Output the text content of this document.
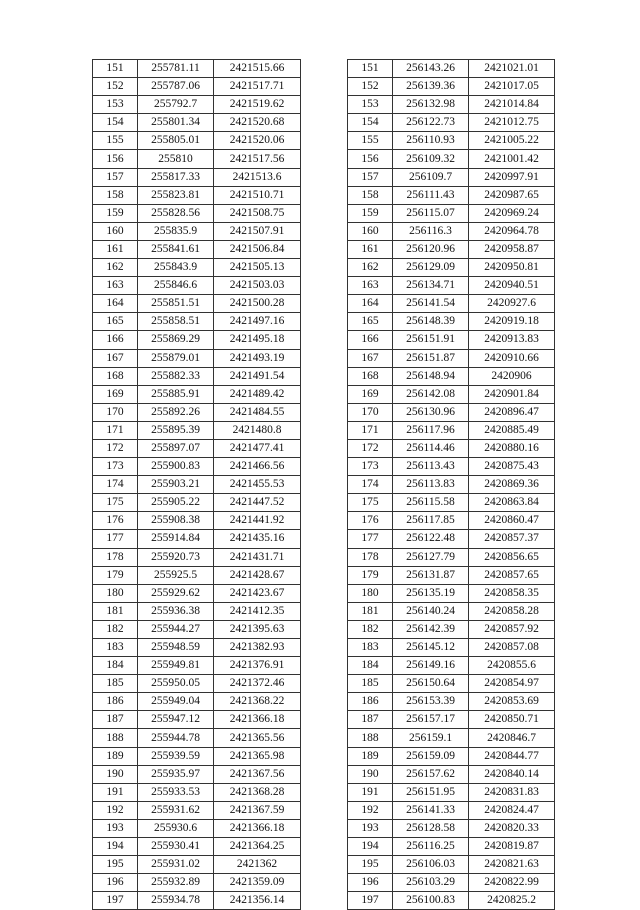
151	255781.11	2421515.66
152	255787.06	2421517.71
153	255792.7	2421519.62
154	255801.34	2421520.68
155	255805.01	2421520.06
156	255810	2421517.56
157	255817.33	2421513.6
158	255823.81	2421510.71
159	255828.56	2421508.75
160	255835.9	2421507.91
161	255841.61	2421506.84
162	255843.9	2421505.13
163	255846.6	2421503.03
164	255851.51	2421500.28
165	255858.51	2421497.16
166	255869.29	2421495.18
167	255879.01	2421493.19
168	255882.33	2421491.54
169	255885.91	2421489.42
170	255892.26	2421484.55
171	255895.39	2421480.8
172	255897.07	2421477.41
173	255900.83	2421466.56
174	255903.21	2421455.53
175	255905.22	2421447.52
176	255908.38	2421441.92
177	255914.84	2421435.16
178	255920.73	2421431.71
179	255925.5	2421428.67
180	255929.62	2421423.67
181	255936.38	2421412.35
182	255944.27	2421395.63
183	255948.59	2421382.93
184	255949.81	2421376.91
185	255950.05	2421372.46
186	255949.04	2421368.22
187	255947.12	2421366.18
188	255944.78	2421365.56
189	255939.59	2421365.98
190	255935.97	2421367.56
191	255933.53	2421368.28
192	255931.62	2421367.59
193	255930.6	2421366.18
194	255930.41	2421364.25
195	255931.02	2421362
196	255932.89	2421359.09
197	255934.78	2421356.14
151	256143.26	2421021.01
152	256139.36	2421017.05
153	256132.98	2421014.84
154	256122.73	2421012.75
155	256110.93	2421005.22
156	256109.32	2421001.42
157	256109.7	2420997.91
158	256111.43	2420987.65
159	256115.07	2420969.24
160	256116.3	2420964.78
161	256120.96	2420958.87
162	256129.09	2420950.81
163	256134.71	2420940.51
164	256141.54	2420927.6
165	256148.39	2420919.18
166	256151.91	2420913.83
167	256151.87	2420910.66
168	256148.94	2420906
169	256142.08	2420901.84
170	256130.96	2420896.47
171	256117.96	2420885.49
172	256114.46	2420880.16
173	256113.43	2420875.43
174	256113.83	2420869.36
175	256115.58	2420863.84
176	256117.85	2420860.47
177	256122.48	2420857.37
178	256127.79	2420856.65
179	256131.87	2420857.65
180	256135.19	2420858.35
181	256140.24	2420858.28
182	256142.39	2420857.92
183	256145.12	2420857.08
184	256149.16	2420855.6
185	256150.64	2420854.97
186	256153.39	2420853.69
187	256157.17	2420850.71
188	256159.1	2420846.7
189	256159.09	2420844.77
190	256157.62	2420840.14
191	256151.95	2420831.83
192	256141.33	2420824.47
193	256128.58	2420820.33
194	256116.25	2420819.87
195	256106.03	2420821.63
196	256103.29	2420822.99
197	256100.83	2420825.2
